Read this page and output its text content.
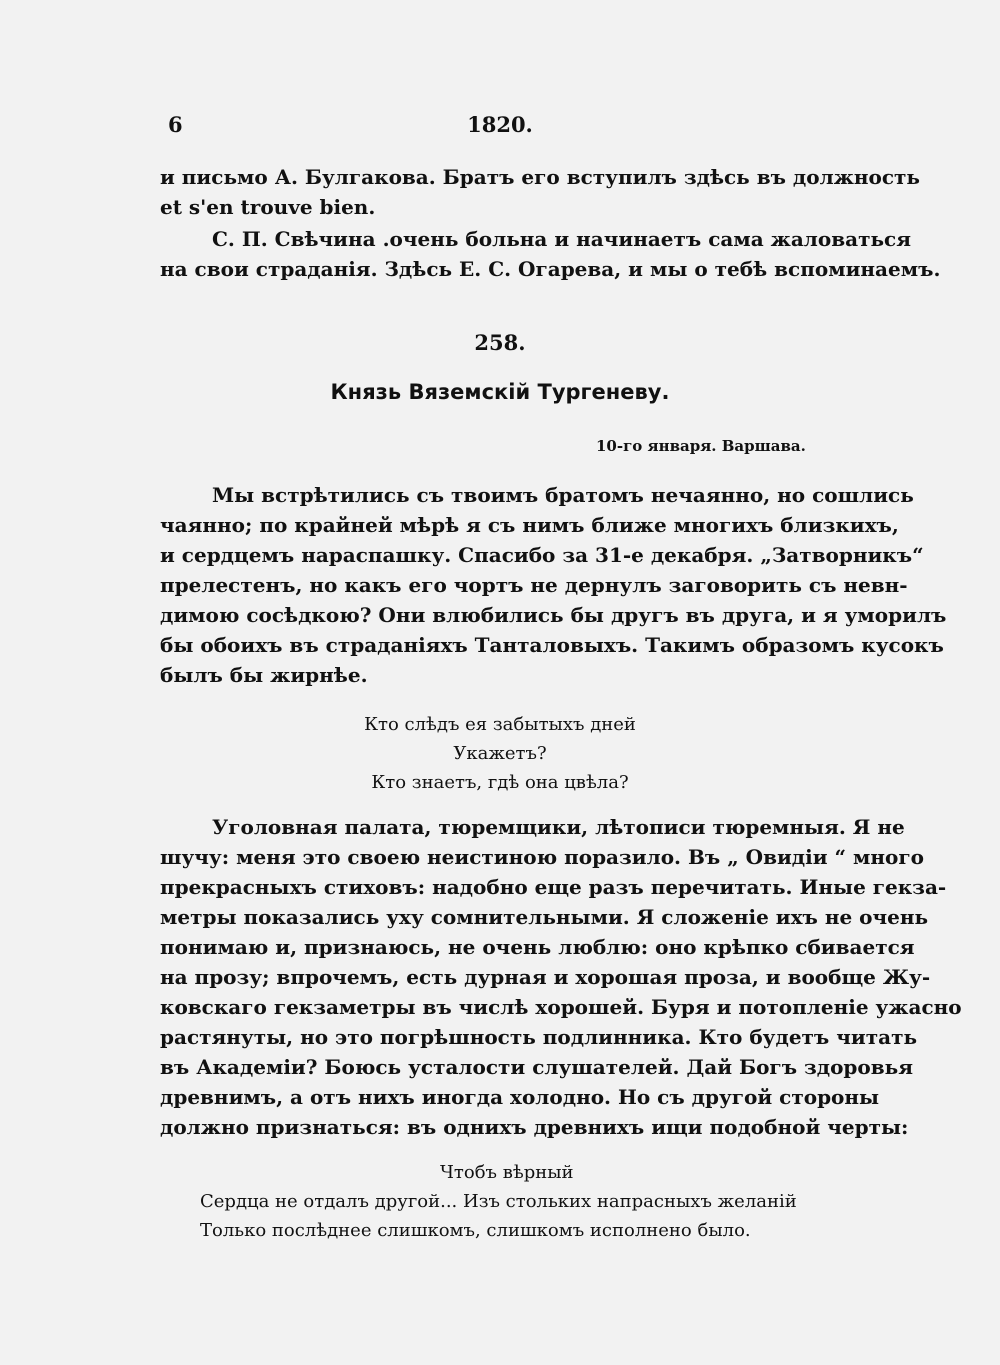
6	1820.
и письмо А. Булгакова. Братъ его вступилъ здѣсь въ должность
et s'en trouve bien.
С. П. Свѣчина .очень больна и начинаетъ сама жаловаться
на свои страданія. Здѣсь Е. С. Огарева, и мы о тебѣ вспоминаемъ.
258.
Князь Вяземскій Тургеневу.
10-го января. Варшава.
Мы встрѣтились съ твоимъ братомъ нечаянно, но сошлись
чаянно; по крайней мѣрѣ я съ нимъ ближе многихъ близкихъ,
и сердцемъ нараспашку. Спасибо за 31-е декабря. „Затворникъ“
прелестенъ, но какъ его чортъ не дернулъ заговорить съ невн-
димою сосѣдкою? Они влюбились бы другъ въ друга, и я уморилъ
бы обоихъ въ страданіяхъ Танталовыхъ. Такимъ образомъ кусокъ
былъ бы жирнѣе.
Кто слѣдъ ея забытыхъ дней
Укажетъ?
Кто знаетъ, гдѣ она цвѣла?
Уголовная палата, тюремщики, лѣтописи тюремныя. Я не
шучу: меня это своею неистиною поразило. Въ „ Овидіи “ много
прекрасныхъ стиховъ: надобно еще разъ перечитать. Иные гекза-
метры показались уху сомнительными. Я сложеніе ихъ не очень
понимаю и, признаюсь, не очень люблю: оно крѣпко сбивается
на прозу; впрочемъ, есть дурная и хорошая проза, и вообще Жу-
ковскаго гекзаметры въ числѣ хорошей. Буря и потопленіе ужасно
растянуты, но это погрѣшность подлинника. Кто будетъ читать
въ Академіи? Боюсь усталости слушателей. Дай Богъ здоровья
древнимъ, а отъ нихъ иногда холодно. Но съ другой стороны
должно признаться: въ однихъ древнихъ ищи подобной черты:
Чтобъ вѣрный
Сердца не отдалъ другой... Изъ стольких напрасныхъ желаній
Только послѣднее слишкомъ, слишкомъ исполнено было.
